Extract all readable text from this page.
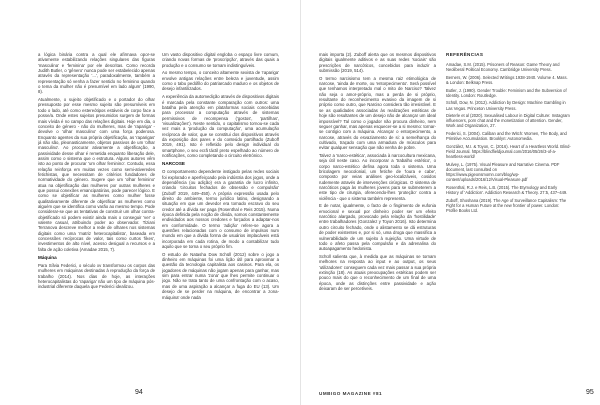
a lógica binária contra a qual ele afirmava opor-se ativamente estabilizando relações singulares das figuras 'masculina' e 'feminina' por ele descritas. Como recorda Judith Butler, o 'gênero' nunca pode ser estabelecido apenas através da representação '...', paradoxalmente, também a representação só venha a fazer sentido no feminino quando o tema da mulher não é presumível em lado algum' (1990, 8).

Atualmente, o sujeito objetificado e o portador do olhar pressuposto por esse mesmo sujeito são presumíveis em todo o lado, até como estereótipos estáveis de corpo face a posse/a. Onde estes sujeitos presumidos surgem de formas mais vívida é no campo das relações digitais. Hoje em dia, o conceito de género - não do mulheres, mas de 'rapariga' - devolve o 'olhar masculino' com uma força poderosa. Enquanto agentes da sua própria objetificação, as 'raparigas' já não são, pleonasticamente, objetos passivos de um 'olhar masculino'. Ao procurar ativamente a objetificação, a passividade desse olhar é remetida enquanto liberação dele, assim como o sistema que o estrutura. Alguns autores vêm isto ao ponto de procurar 'um olhar feminino'. Contudo, essa relação reinforça em muitas vezes como semi-ativeredes fetichistas, que necessitam de critérios fundadores de normatividade do género. Sugere que um 'olhar feminino' atua na objetificação das mulheres por outras mulheres e que possui conexões emancipatórias, pode parecer lógico. E como se objetificar as mulheres como mulher fosse qualitativamente diferente de objetificar as mulheres como alguém que se identifica como varão ao mesmo tempo. Pode considerar-se que as tentativas de construir um olhar contra-objetificado só podem existir ainda mais o conseguir 'ver' o valente casual, atribuindo poder ao observador. Tiziani Terranova descreve melhor a rede de olhares nos sistemas digitais como uma 'matriz heterocapitalista', baseada em concessões recíprocas de valor, tais como curtos 'likes', investimentos de alto nível, acesso desigual a recursos e a falta de ação coletiva (Amadae 2015, 7).

Máquina

Para Sílvia Federici, o século xv transformou os corpos das mulheres em máquinas destinadas à reprodução da força de trabalho (2014). Nos dias de hoje, as interações heterocapitalistas do 'rapariga' não um tipo de máquina pós-industrial diferente daquela que Federici idealizou.

Um vasto dispositivo digital engloba o espaço livre comum, criando novas formas de 'proscripção', através das quais a produção e o consumo se tornam indistinguíveis.

Ao mesmo tempo, o conceito altamente sexista de 'rapariga' envolve antigas relações entre beleza e juventude, assim como o tabu pedófilo do patriarcado maduro e os objetos de desejo infantilizados.

A experiência da automedição através de dispositivos digitais é marcada pela constante comparação com outros: uma batalha pela atenção em plataformas sociais concebidas para processar a computação através de sistemas permissivos de recompensa ('gostos', 'partilhas', 'visualizações'). Neste sentido, o capitalismo tornou-se cada vez mais a 'produção da computação', uma acumulação recíproca de valor, que se constitui dos dispositivos através da exposição dos pares e do conteúdo partilhado (Zuboff 2019, 491). Isto é refletido pelo design individual do smartphone, o seu ecrã táctil preto espelhado ao número de notificações, como completando o circuito eletrónico.

NARCOSE

O comportamento dependente instigado pelas redes sociais foi explorado e aperfeiçoado pela indústria dos jogos, onde a dependência (ou adição) era a garantia de lucro infinito, criando 'circuitos fechados de obsessão e compulsão' (Zuboff 2019, 449–450). A própria expressão usada pelo direito do ambiente, termo jurídico latino, designando a situação em que um devedor era tornado escravo do seu credor até a dívida ser paga (Rosenthal e Reis 2015). Numa época definida pela noção de dívida, somos constantemente endividados aos nossos credores e forçados a adaptar-nos em conformidade. O termo 'adição' refere-se agora a questões relacionadas com o consumo de impulsos num mundo em que a divida forma de usuários implacáveis está incorporada em cada rotina, de modo a contabilizar tudo aquilo que se torna o seu próprio fim.

O estudo de Natasha Dow Schüll (2012) sobre o jogo a dinheiro em máquinas foi uma lição útil para aproximar a questão da tecnologia capitalista aos casinos. Para ela, os jogadores de máquinas não jogam apenas para ganhar, mas sim para entrar numa 'zona' que lhes permite continuar o jogo. Não se trata tanto de uma confrontação com o acaso, mas de uma aspiração a alcançar a fuga do EU (13). Um desejo de se perder na máquina, de encontrar a zona-máquina' onde nada

94

mais importa (2). Zuboff alerta que os mesmos dispositivos digitais igualmente aditivos e as suas redes 'sociais' são prescrições de narcóticos, concebidos para induzir a submissão (2019, 514).

O termo narcisismo tem a mesma raiz etimológica de narcose, 'ainda de morte, ou 'entorpecimento'. Será possível que tenhamos interpretado mal o mito de Narciso? Talvez não seja o amor-próprio, mas a perda de si próprio, resultante do reconhecimento evasivo da imagem de si próprio como outro, que Narciso considera tão irresistível. E se as qualidades associadas às realizações estéticas de hoje são resultantes de um desejo não de alcançar um ideal impossível? Tal como o jogador não procura dinheiro, nem seguer ganhar, mas apenas esquecer-se a si mesmo: tornar-se contígio com a máquina. Alcançar o entorpecimento, a narcose, através do esvaziamento de si: a semelhança do cultivado, traçado com uma armadura de músculos para evitar qualquer sensação que não venha de pobre.

Talvez a 'narco-estética', associada à narcocultura mexicana, seja útil neste caso. Ao incorporar a 'trabalho estético', o corpo narco-estético defina agora toda o sistema. Uma bricolagem neocolonial, um fetiche de 'loura e cabe', composto por veias análises geo-localizáveis, cosidos rudemente através de intervenções cirúrgicas. O sistema de narcóticos paga às mulheres jovens para se submeterem a este tipo de cirurgia, oferecendo-lhes 'proteção' contra a violência - que o sistema também representa.

E de notar, igualmente, o facto de o fingimento de eufonia emocional e sexual por dinheiro poder ser um efeito narcótico alargado, provocado pela relação da 'hostilidade' entre trabalhadores (Gonzalez y Toyon 2016). Isto determina outro circuito fechado, onde o alistamento se dá estruturas de poder existentes e, por si só, uma droga que massifica a vulnerabilidade de um sujeito à sujeição. Uma virtude de todo o afeto passa pela compulsão e da adrenalina do autoapagamento hedonista.

Schüll salienta que, à medida que as máquinas se tornam melhores na resposta ao input e ao output, os seus 'utilizadores' conseguem cada vez mais passar a sua própria extinção (18). As atuais preocupações estéticas podem ser pouco mais do que o reconhecimento de um final de uma época, onde as distinções entre passividade e ação deixaram de ser percetíveis.

REFERÊNCIAS

Amadae, S.M. (2015). Prisoners of Reason: Game Theory and Neoliberal Political Economy. Cambridge University Press.

Berners, W. (2006). Selected Writings 1938-1940. Volume 4. Mass. & London: Belknap Press.

Butler, J. (1990). Gender Trouble: Feminism and the Subversion of Identity. London: Routledge.

Schüll, Dow, N. (2012). Addiction by Design: Machine Gambling in Las Vegas. Princeton University Press.

Dieterle et al (2020). Sexualised Labour in Digital Culture: Instagram influencers, porn chat and the monetization of attention. Gender, Work and Organization, 27.

Federici, S. (2004). Caliban and the Witch: Women, The Body, and Primitive Accumulation. Brooklyn: Autonomedia.

González, M.I. & Toyon, C. (2016). Heart of a Heartless World. Blind-Field Journal. https://blindfieldjournal.com/2016/05/26/3-of-a-heartless-world/

Mulvey, L. (1975). Visual Pleasure and Narrative Cinema. PDF document, last consulted on https://www.pigeonsmomn.com/blog/wp-content/uploads/2016/12/Visual-Pleasure.pdf

Rosenthal, R.J. e Reis, L.B. (2015). The Etymology and Early History of 'Addiction'. Addiction Research & Theory. 27:5, 437–449.

Zuboff, Shoshana (2019). The Age of Surveillance Capitalism: The Fight for a Human Future at the new frontier of power. London: Profile Books Ltd.

UMBIGO MAGAZINE #81	95
